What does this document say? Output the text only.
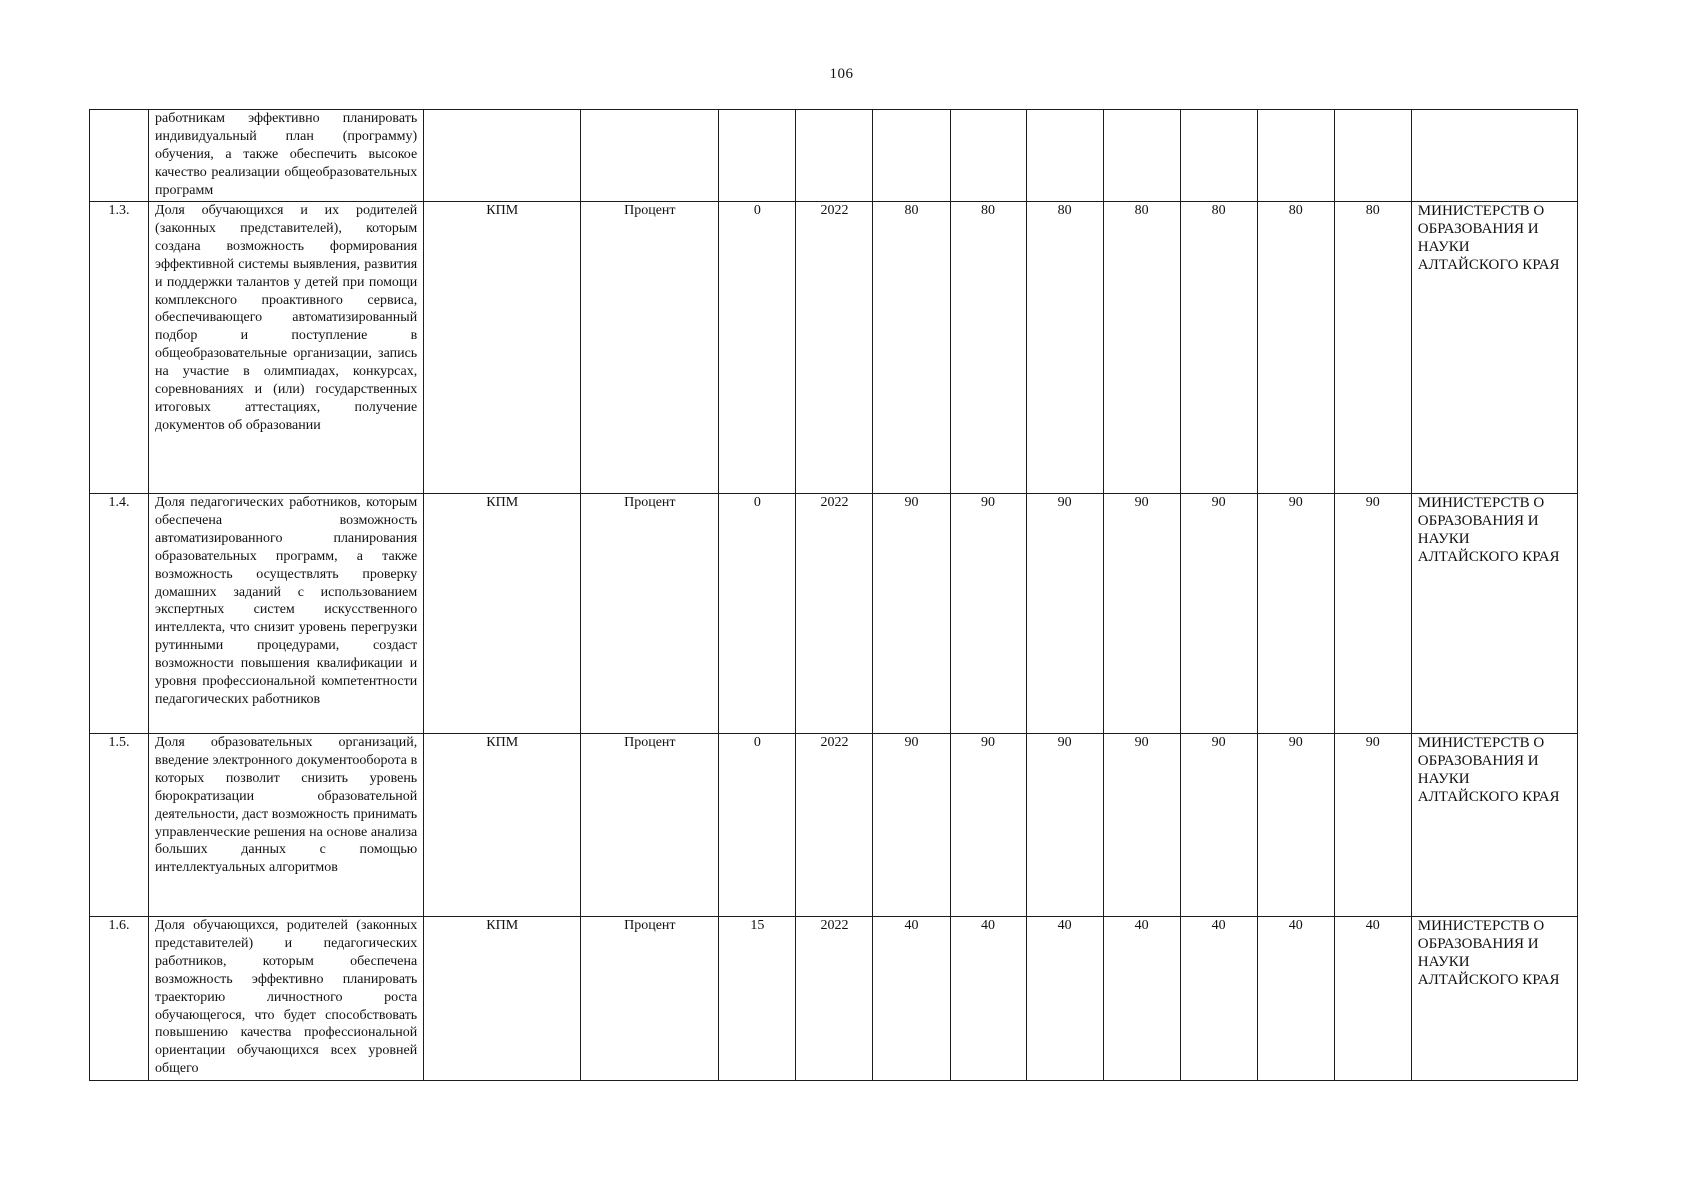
106
	работникам эффективно планировать индивидуальный план (программу) обучения, а также обеспечить высокое качество реализации общеобразовательных программ												
1.3.	Доля обучающихся и их родителей (законных представителей), которым создана возможность формирования эффективной системы выявления, развития и поддержки талантов у детей при помощи комплексного проактивного сервиса, обеспечивающего автоматизированный подбор и поступление в общеобразовательные организации, запись на участие в олимпиадах, конкурсах, соревнованиях и (или) государственных итоговых аттестациях, получение документов об образовании	КПМ	Процент	0	2022	80	80	80	80	80	80	80	МИНИСТЕРСТВ О ОБРАЗОВАНИЯ И НАУКИ АЛТАЙСКОГО КРАЯ
1.4.	Доля педагогических работников, которым обеспечена возможность автоматизированного планирования образовательных программ, а также возможность осуществлять проверку домашних заданий с использованием экспертных систем искусственного интеллекта, что снизит уровень перегрузки рутинными процедурами, создаст возможности повышения квалификации и уровня профессиональной компетентности педагогических работников	КПМ	Процент	0	2022	90	90	90	90	90	90	90	МИНИСТЕРСТВ О ОБРАЗОВАНИЯ И НАУКИ АЛТАЙСКОГО КРАЯ
1.5.	Доля образовательных организаций, введение электронного документооборота в которых позволит снизить уровень бюрократизации образовательной деятельности, даст возможность принимать управленческие решения на основе анализа больших данных с помощью интеллектуальных алгоритмов	КПМ	Процент	0	2022	90	90	90	90	90	90	90	МИНИСТЕРСТВ О ОБРАЗОВАНИЯ И НАУКИ АЛТАЙСКОГО КРАЯ
1.6.	Доля обучающихся, родителей (законных представителей) и педагогических работников, которым обеспечена возможность эффективно планировать траекторию личностного роста обучающегося, что будет способствовать повышению качества профессиональной ориентации обучающихся всех уровней общего	КПМ	Процент	15	2022	40	40	40	40	40	40	40	МИНИСТЕРСТВ О ОБРАЗОВАНИЯ И НАУКИ АЛТАЙСКОГО КРАЯ
